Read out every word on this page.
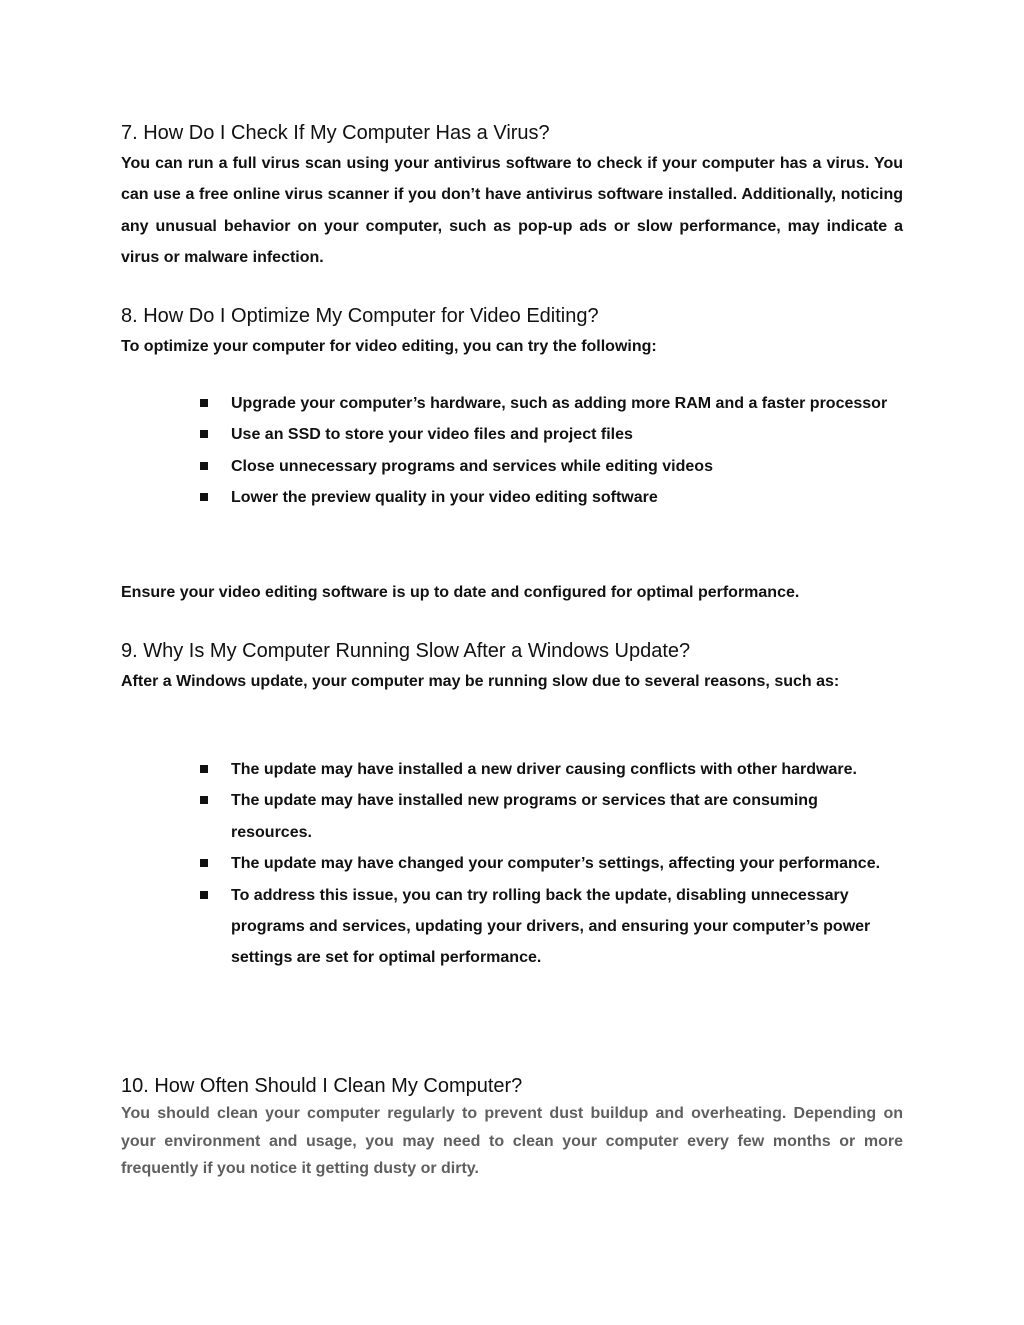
7. How Do I Check If My Computer Has a Virus?

You can run a full virus scan using your antivirus software to check if your computer has a virus. You can use a free online virus scanner if you don’t have antivirus software installed. Additionally, noticing any unusual behavior on your computer, such as pop-up ads or slow performance, may indicate a virus or malware infection.

8. How Do I Optimize My Computer for Video Editing?

To optimize your computer for video editing, you can try the following:

Upgrade your computer’s hardware, such as adding more RAM and a faster processor
Use an SSD to store your video files and project files
Close unnecessary programs and services while editing videos
Lower the preview quality in your video editing software

Ensure your video editing software is up to date and configured for optimal performance.

9. Why Is My Computer Running Slow After a Windows Update?

After a Windows update, your computer may be running slow due to several reasons, such as:

The update may have installed a new driver causing conflicts with other hardware.
The update may have installed new programs or services that are consuming resources.
The update may have changed your computer’s settings, affecting your performance.
To address this issue, you can try rolling back the update, disabling unnecessary programs and services, updating your drivers, and ensuring your computer’s power settings are set for optimal performance.
10. How Often Should I Clean My Computer?

You should clean your computer regularly to prevent dust buildup and overheating. Depending on your environment and usage, you may need to clean your computer every few months or more frequently if you notice it getting dusty or dirty.
